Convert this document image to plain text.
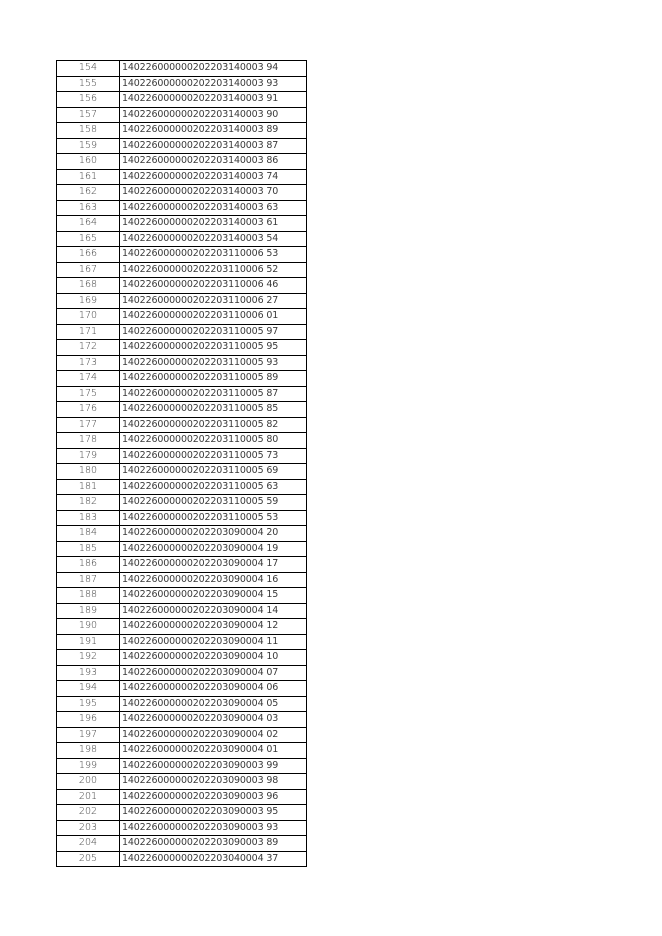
154	140226000000202203140003 94
155	140226000000202203140003 93
156	140226000000202203140003 91
157	140226000000202203140003 90
158	140226000000202203140003 89
159	140226000000202203140003 87
160	140226000000202203140003 86
161	140226000000202203140003 74
162	140226000000202203140003 70
163	140226000000202203140003 63
164	140226000000202203140003 61
165	140226000000202203140003 54
166	140226000000202203110006 53
167	140226000000202203110006 52
168	140226000000202203110006 46
169	140226000000202203110006 27
170	140226000000202203110006 01
171	140226000000202203110005 97
172	140226000000202203110005 95
173	140226000000202203110005 93
174	140226000000202203110005 89
175	140226000000202203110005 87
176	140226000000202203110005 85
177	140226000000202203110005 82
178	140226000000202203110005 80
179	140226000000202203110005 73
180	140226000000202203110005 69
181	140226000000202203110005 63
182	140226000000202203110005 59
183	140226000000202203110005 53
184	140226000000202203090004 20
185	140226000000202203090004 19
186	140226000000202203090004 17
187	140226000000202203090004 16
188	140226000000202203090004 15
189	140226000000202203090004 14
190	140226000000202203090004 12
191	140226000000202203090004 11
192	140226000000202203090004 10
193	140226000000202203090004 07
194	140226000000202203090004 06
195	140226000000202203090004 05
196	140226000000202203090004 03
197	140226000000202203090004 02
198	140226000000202203090004 01
199	140226000000202203090003 99
200	140226000000202203090003 98
201	140226000000202203090003 96
202	140226000000202203090003 95
203	140226000000202203090003 93
204	140226000000202203090003 89
205	140226000000202203040004 37
